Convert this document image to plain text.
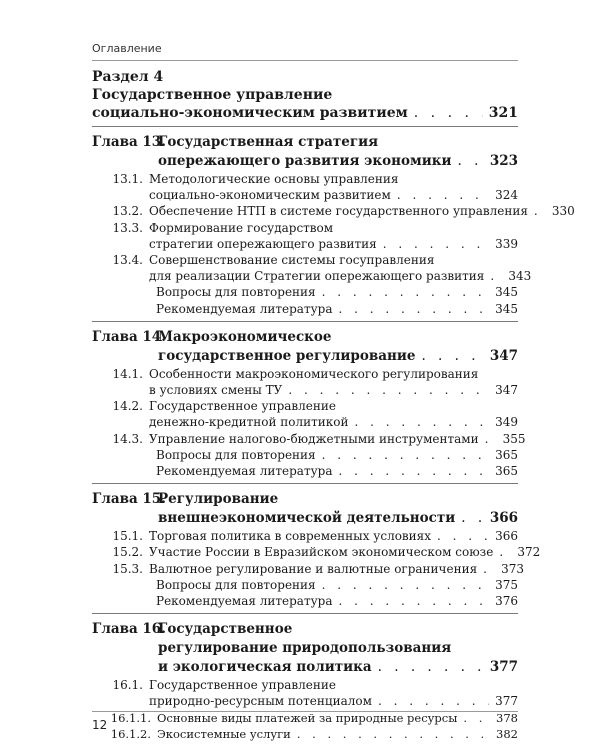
Оглавление
Раздел 4
Государственное управление
социально-экономическим развитием . . .	321
Глава 13.
Государственная стратегия
опережающего развития экономики . . .	323
13.1. Методологические основы управления
социально-экономическим развитием . . .	324
13.2. Обеспечение НТП в системе государственного управления . . . 330
13.3. Формирование государством
стратегии опережающего развития . . .	339
13.4. Совершенствование системы госуправления
для реализации Стратегии опережающего развития . . . 343
Вопросы для повторения . . .	345
Рекомендуемая литература . . .	345
Глава 14.
Макроэкономическое
государственное регулирование . . .	347
14.1. Особенности макроэкономического регулирования
в условиях смены ТУ . . .	347
14.2. Государственное управление
денежно-кредитной политикой . . .	349
14.3. Управление налогово-бюджетными инструментами . . . 355
Вопросы для повторения . . .	365
Рекомендуемая литература . . .	365
Глава 15.
Регулирование
внешнеэкономической деятельности . . .	366
15.1. Торговая политика в современных условиях . . .	366
15.2. Участие России в Евразийском экономическом союзе . . . 372
15.3. Валютное регулирование и валютные ограничения . . . 373
Вопросы для повторения . . .	375
Рекомендуемая литература . . .	376
Глава 16.
Государственное
регулирование природопользования
и экологическая политика . . .	377
16.1. Государственное управление
природно-ресурсным потенциалом . . .	377
16.1.1. Основные виды платежей за природные ресурсы . . .	378
16.1.2. Экосистемные услуги . . .	382
12
